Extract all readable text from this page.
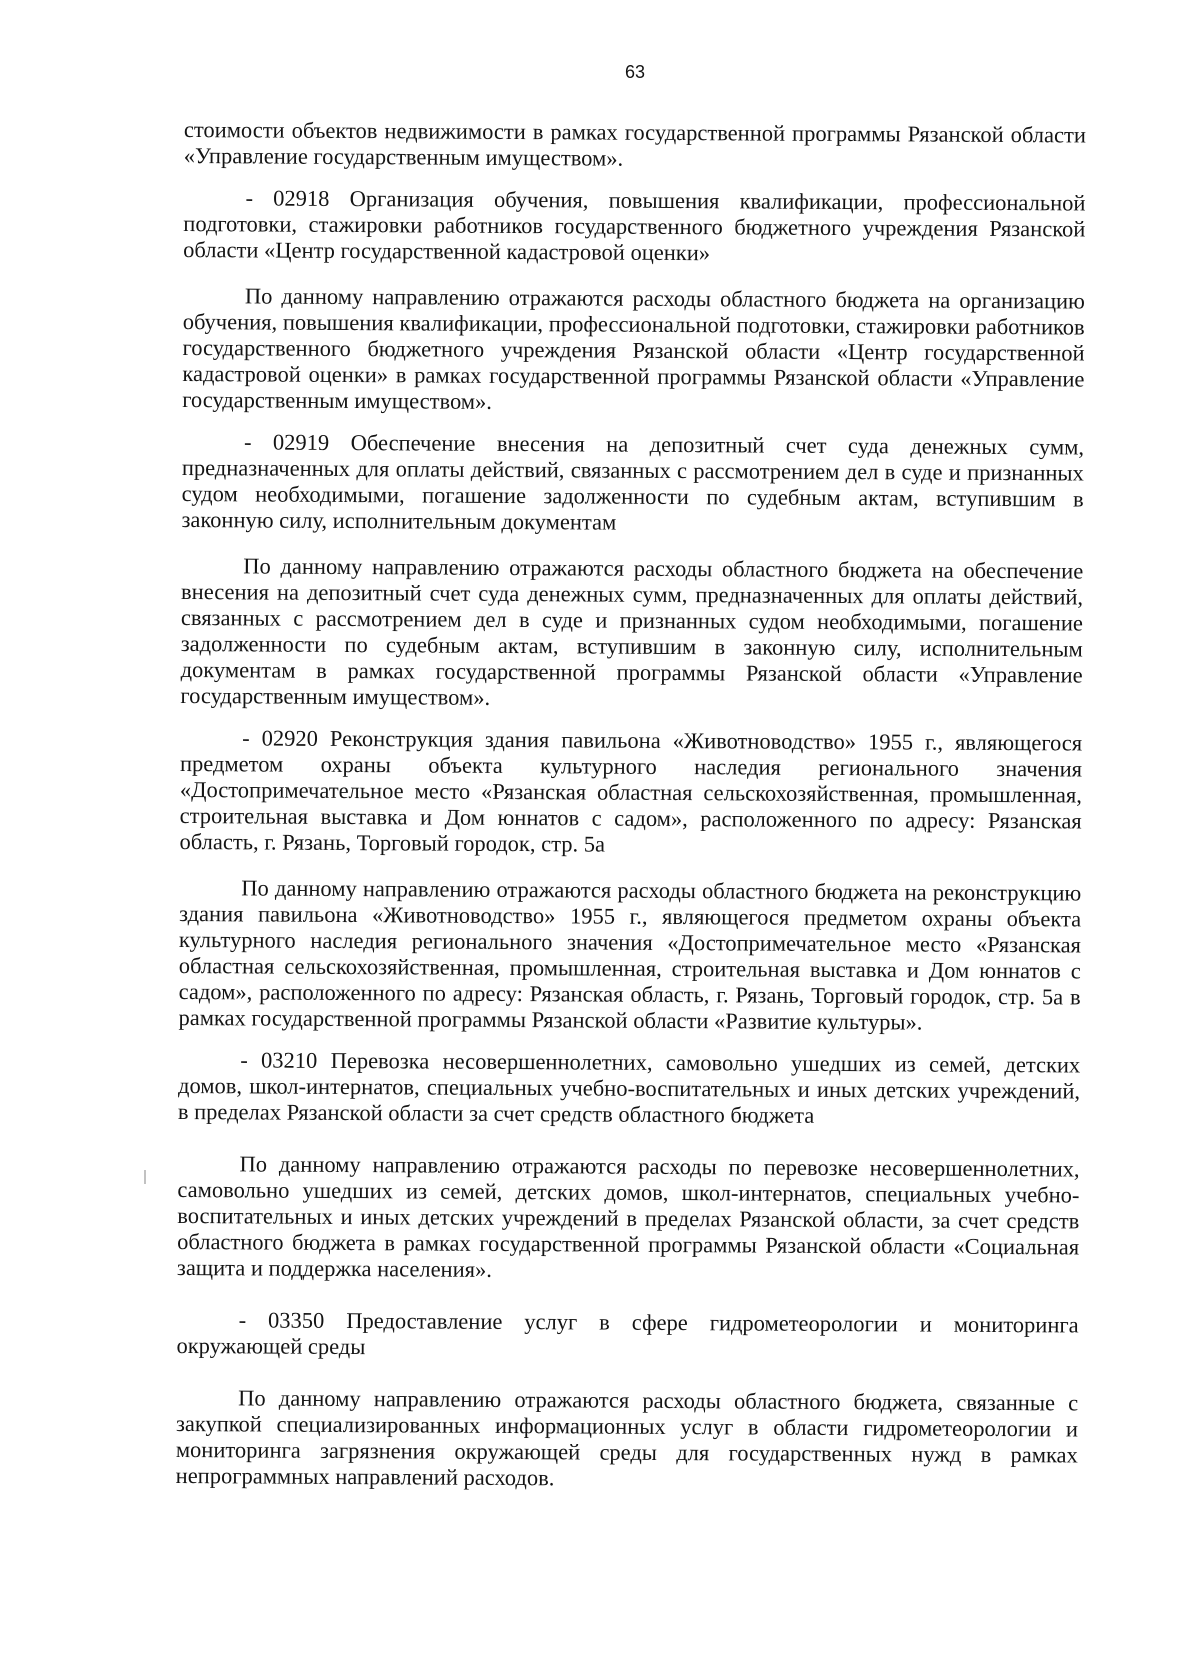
63

стоимости объектов недвижимости в рамках государственной программы Рязанской области «Управление государственным имуществом».

- 02918 Организация обучения, повышения квалификации, профессиональной подготовки, стажировки работников государственного бюджетного учреждения Рязанской области «Центр государственной кадастровой оценки»

По данному направлению отражаются расходы областного бюджета на организацию обучения, повышения квалификации, профессиональной подготовки, стажировки работников государственного бюджетного учреждения Рязанской области «Центр государственной кадастровой оценки» в рамках государственной программы Рязанской области «Управление государственным имуществом».

- 02919 Обеспечение внесения на депозитный счет суда денежных сумм, предназначенных для оплаты действий, связанных с рассмотрением дел в суде и признанных судом необходимыми, погашение задолженности по судебным актам, вступившим в законную силу, исполнительным документам

По данному направлению отражаются расходы областного бюджета на обеспечение внесения на депозитный счет суда денежных сумм, предназначенных для оплаты действий, связанных с рассмотрением дел в суде и признанных судом необходимыми, погашение задолженности по судебным актам, вступившим в законную силу, исполнительным документам в рамках государственной программы Рязанской области «Управление государственным имуществом».

- 02920 Реконструкция здания павильона «Животноводство» 1955 г., являющегося предметом охраны объекта культурного наследия регионального значения «Достопримечательное место «Рязанская областная сельскохозяйственная, промышленная, строительная выставка и Дом юннатов с садом», расположенного по адресу: Рязанская область, г. Рязань, Торговый городок, стр. 5а

По данному направлению отражаются расходы областного бюджета на реконструкцию здания павильона «Животноводство» 1955 г., являющегося предметом охраны объекта культурного наследия регионального значения «Достопримечательное место «Рязанская областная сельскохозяйственная, промышленная, строительная выставка и Дом юннатов с садом», расположенного по адресу: Рязанская область, г. Рязань, Торговый городок, стр. 5а в рамках государственной программы Рязанской области «Развитие культуры».

- 03210 Перевозка несовершеннолетних, самовольно ушедших из семей, детских домов, школ-интернатов, специальных учебно-воспитательных и иных детских учреждений, в пределах Рязанской области за счет средств областного бюджета

По данному направлению отражаются расходы по перевозке несовершеннолетних, самовольно ушедших из семей, детских домов, школ-интернатов, специальных учебно-воспитательных и иных детских учреждений в пределах Рязанской области, за счет средств областного бюджета в рамках государственной программы Рязанской области «Социальная защита и поддержка населения».

- 03350 Предоставление услуг в сфере гидрометеорологии и мониторинга окружающей среды

По данному направлению отражаются расходы областного бюджета, связанные с закупкой специализированных информационных услуг в области гидрометеорологии и мониторинга загрязнения окружающей среды для государственных нужд в рамках непрограммных направлений расходов.
